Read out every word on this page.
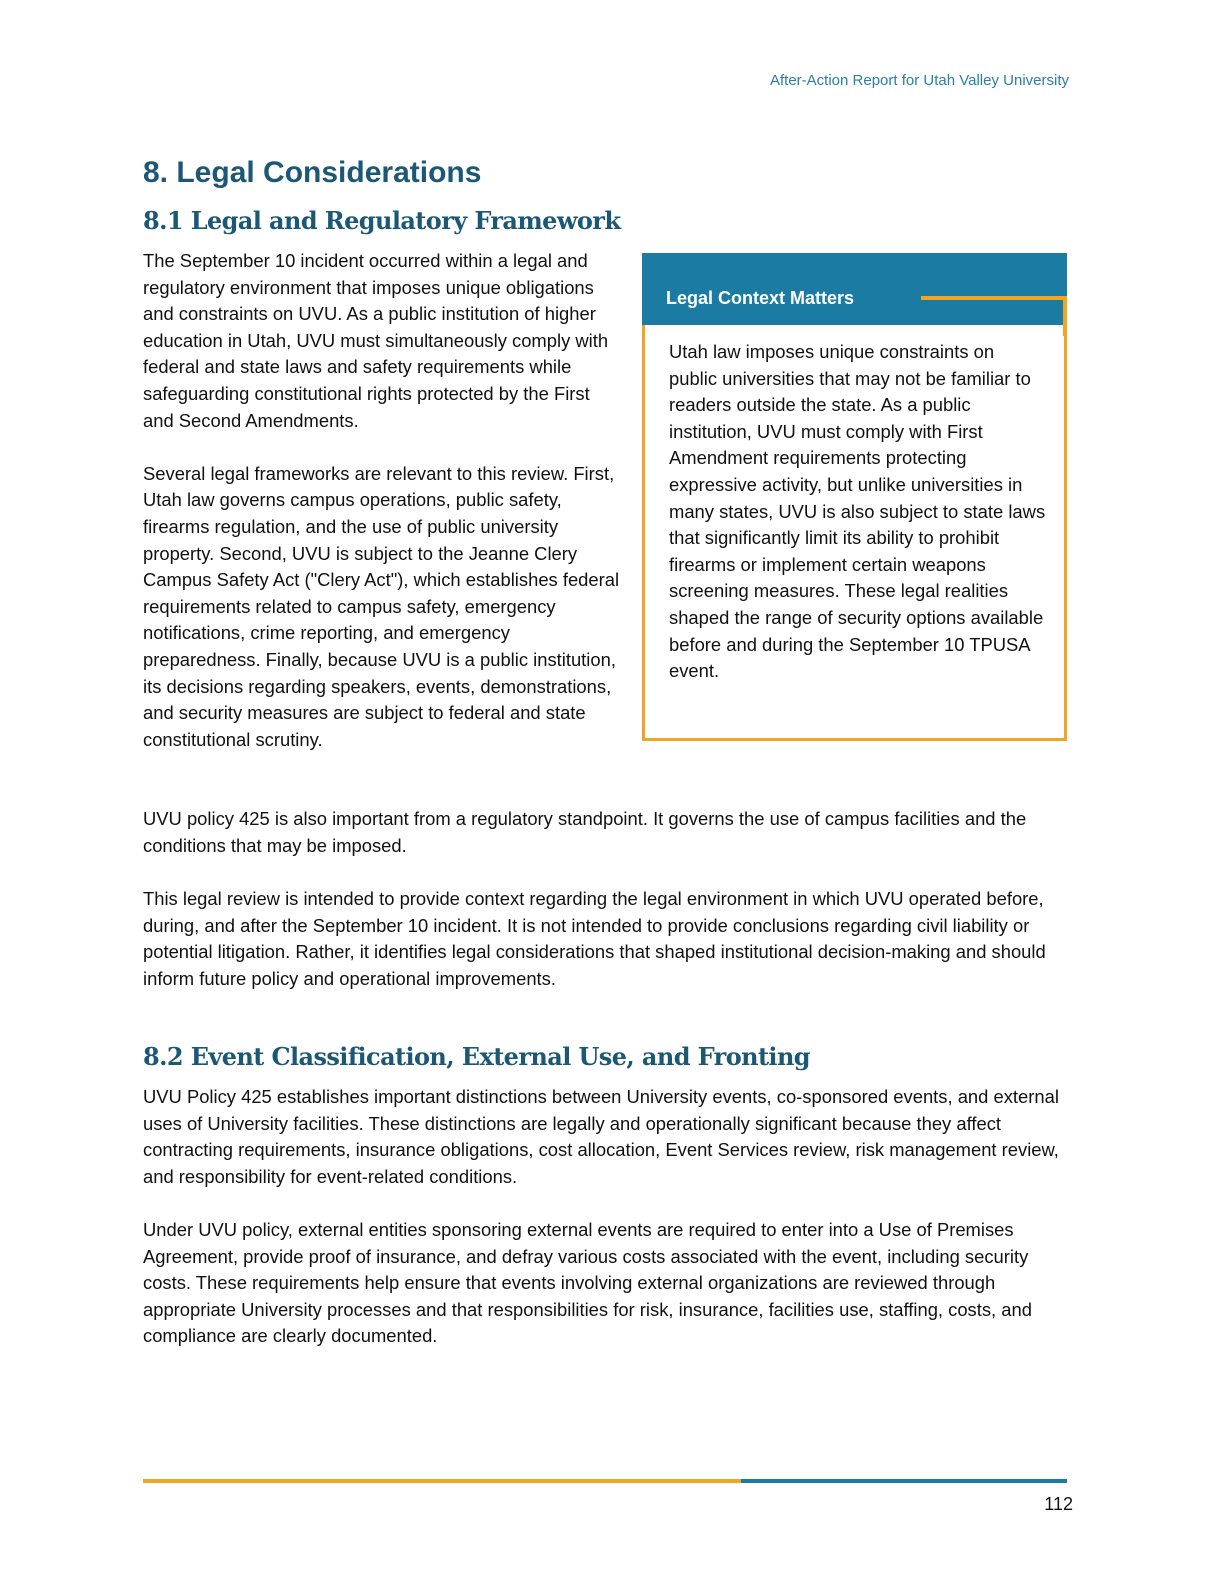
After-Action Report for Utah Valley University
8. Legal Considerations
8.1 Legal and Regulatory Framework

The September 10 incident occurred within a legal and regulatory environment that imposes unique obligations and constraints on UVU. As a public institution of higher education in Utah, UVU must simultaneously comply with federal and state laws and safety requirements while safeguarding constitutional rights protected by the First and Second Amendments.

Several legal frameworks are relevant to this review. First, Utah law governs campus operations, public safety, firearms regulation, and the use of public university property. Second, UVU is subject to the Jeanne Clery Campus Safety Act ("Clery Act"), which establishes federal requirements related to campus safety, emergency notifications, crime reporting, and emergency preparedness. Finally, because UVU is a public institution, its decisions regarding speakers, events, demonstrations, and security measures are subject to federal and state constitutional scrutiny.

Legal Context Matters

Utah law imposes unique constraints on public universities that may not be familiar to readers outside the state. As a public institution, UVU must comply with First Amendment requirements protecting expressive activity, but unlike universities in many states, UVU is also subject to state laws that significantly limit its ability to prohibit firearms or implement certain weapons screening measures. These legal realities shaped the range of security options available before and during the September 10 TPUSA event.

UVU policy 425 is also important from a regulatory standpoint. It governs the use of campus facilities and the conditions that may be imposed.

This legal review is intended to provide context regarding the legal environment in which UVU operated before, during, and after the September 10 incident. It is not intended to provide conclusions regarding civil liability or potential litigation. Rather, it identifies legal considerations that shaped institutional decision-making and should inform future policy and operational improvements.

8.2 Event Classification, External Use, and Fronting

UVU Policy 425 establishes important distinctions between University events, co-sponsored events, and external uses of University facilities. These distinctions are legally and operationally significant because they affect contracting requirements, insurance obligations, cost allocation, Event Services review, risk management review, and responsibility for event-related conditions.

Under UVU policy, external entities sponsoring external events are required to enter into a Use of Premises Agreement, provide proof of insurance, and defray various costs associated with the event, including security costs. These requirements help ensure that events involving external organizations are reviewed through appropriate University processes and that responsibilities for risk, insurance, facilities use, staffing, costs, and compliance are clearly documented.

112
